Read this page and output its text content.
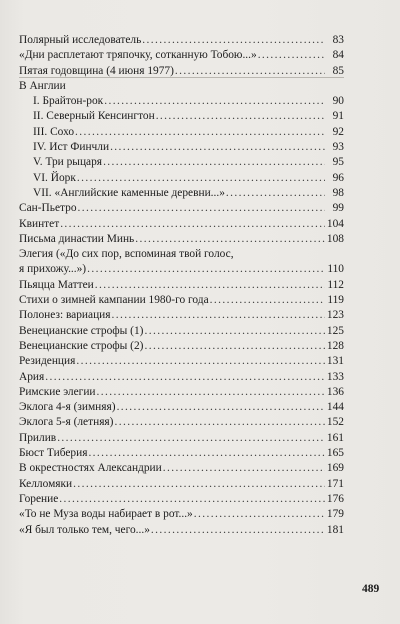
Полярный исследователь .....	83
«Дни расплетают тряпочку, сотканную Тобою...» .....	84
Пятая годовщина (4 июня 1977) .....	85
В Англии
I. Брайтон-рок .....	90
II. Северный Кенсингтон .....	91
III. Сохо .....	92
IV. Ист Финчли .....	93
V. Три рыцаря .....	95
VI. Йорк .....	96
VII. «Английские каменные деревни...» .....	98
Сан-Пьетро .....	99
Квинтет .....	104
Письма династии Минь .....	108
Элегия («До сих пор, вспоминая твой голос,
я прихожу...») .....	110
Пьяцца Маттеи .....	112
Стихи о зимней кампании 1980-го года .....	119
Полонез: вариация .....	123
Венецианские строфы (1) .....	125
Венецианские строфы (2) .....	128
Резиденция .....	131
Ария .....	133
Римские элегии .....	136
Эклога 4-я (зимняя) .....	144
Эклога 5-я (летняя) .....	152
Прилив .....	161
Бюст Тиберия .....	165
В окрестностях Александрии .....	169
Келломяки .....	171
Горение .....	176
«То не Муза воды набирает в рот...» .....	179
«Я был только тем, чего...» .....	181
489
